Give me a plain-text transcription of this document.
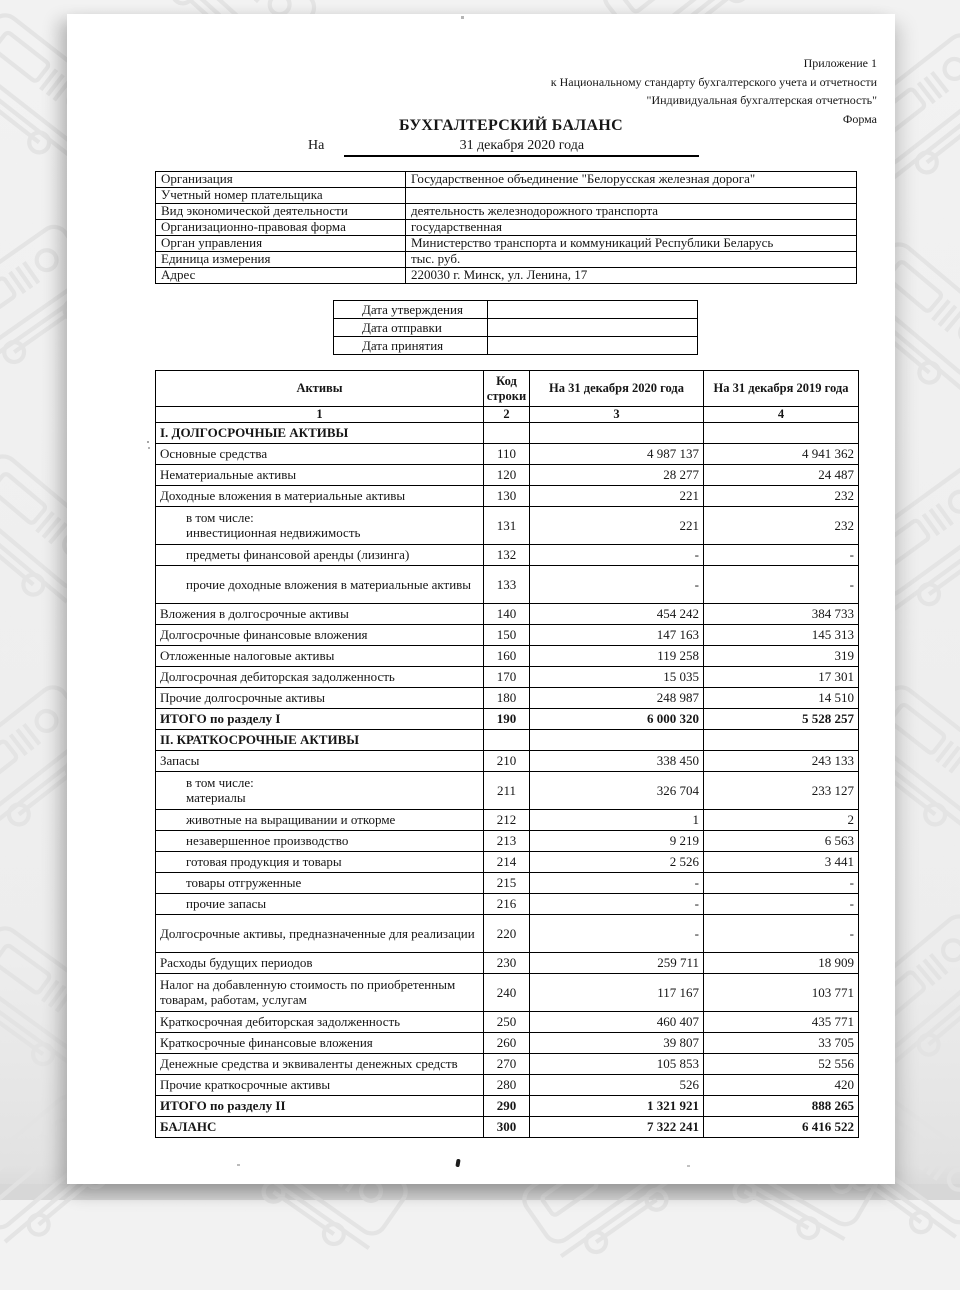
Приложение 1
к Национальному стандарту бухгалтерского учета и отчетности
"Индивидуальная бухгалтерская отчетность"
Форма
БУХГАЛТЕРСКИЙ БАЛАНС
На	31 декабря 2020 года
Организация	Государственное объединение "Белорусская железная дорога"
Учетный номер плательщика	
Вид экономической деятельности	деятельность железнодорожного транспорта
Организационно-правовая форма	государственная
Орган управления	Министерство транспорта и коммуникаций Республики Беларусь
Единица измерения	тыс. руб.
Адрес	220030 г. Минск, ул. Ленина, 17
Дата утверждения	
Дата отправки	
Дата принятия	
Активы	Код строки	На 31 декабря 2020 года	На 31 декабря 2019 года
1	2	3	4
I. ДОЛГОСРОЧНЫЕ АКТИВЫ			
Основные средства	110	4 987 137	4 941 362
Нематериальные активы	120	28 277	24 487
Доходные вложения в материальные активы	130	221	232

в том числе:
инвестиционная недвижимость	131	221	232
предметы финансовой аренды (лизинга)	132	-	-
прочие доходные вложения в материальные активы	133	-	-
Вложения в долгосрочные активы	140	454 242	384 733
Долгосрочные финансовые вложения	150	147 163	145 313
Отложенные налоговые активы	160	119 258	319
Долгосрочная дебиторская задолженность	170	15 035	17 301
Прочие долгосрочные активы	180	248 987	14 510
ИТОГО по разделу I	190	6 000 320	5 528 257
II. КРАТКОСРОЧНЫЕ АКТИВЫ			
Запасы	210	338 450	243 133

в том числе:
материалы	211	326 704	233 127
животные на выращивании и откорме	212	1	2
незавершенное производство	213	9 219	6 563
готовая продукция и товары	214	2 526	3 441
товары отгруженные	215	-	-
прочие запасы	216	-	-
Долгосрочные активы, предназначенные для реализации	220	-	-
Расходы будущих периодов	230	259 711	18 909
Налог на добавленную стоимость по приобретенным товарам, работам, услугам	240	117 167	103 771
Краткосрочная дебиторская задолженность	250	460 407	435 771
Краткосрочные финансовые вложения	260	39 807	33 705
Денежные средства и эквиваленты денежных средств	270	105 853	52 556
Прочие краткосрочные активы	280	526	420
ИТОГО по разделу II	290	1 321 921	888 265
БАЛАНС	300	7 322 241	6 416 522
